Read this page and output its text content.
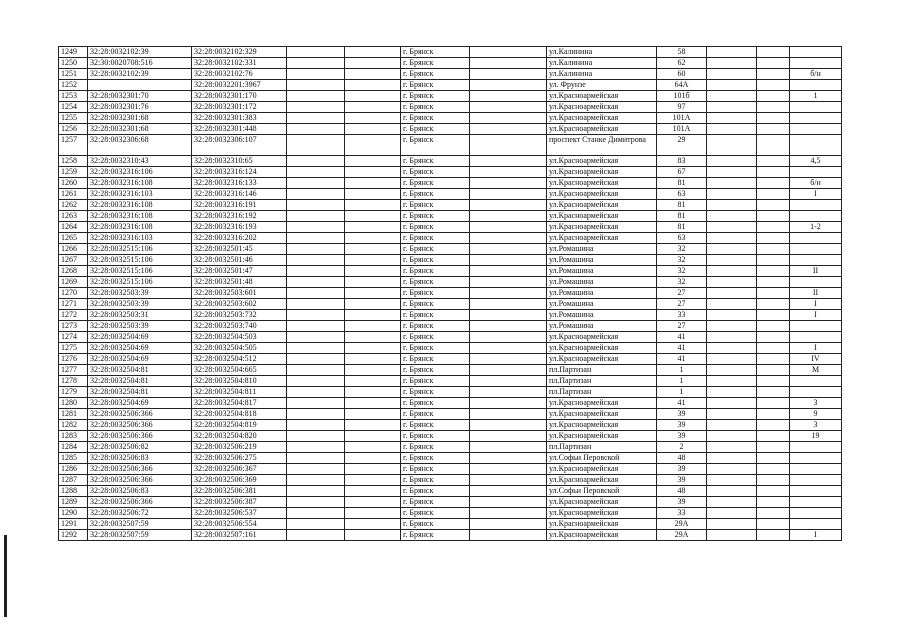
1249	32:28:0032102:39	32:28:0032102:329			г. Брянск		ул.Калинина	58			
1250	32:30:0020708:516	32:28:0032102:331			г. Брянск		ул.Калинина	62			
1251	32:28:0032102:39	32:28:0032102:76			г. Брянск		ул.Калинина	60			б/н
1252		32:28:0032201:3967			г. Брянск		ул. Фрунзе	64А			
1253	32:28:0032301:70	32:28:0032301:170			г. Брянск		ул.Красноармейская	101б			1
1254	32:28:0032301:76	32:28:0032301:172			г. Брянск		ул.Красноармейская	97			
1255	32:28:0032301:68	32:28:0032301:383			г. Брянск		ул.Красноармейская	101А			
1256	32:28:0032301:68	32:28:0032301:448			г. Брянск		ул.Красноармейская	101А			
1257	32:28:0032306:68	32:28:0032306:107			г. Брянск		проспект Станке Димитрова	29			
1258	32:28:0032310:43	32:28:0032310:65			г. Брянск		ул.Красноармейская	83			4,5
1259	32:28:0032316:106	32:28:0032316:124			г. Брянск		ул.Красноармейская	67			
1260	32:28:0032316:108	32:28:0032316:133			г. Брянск		ул.Красноармейская	81			б/н
1261	32:28:0032316:103	32:28:0032316:146			г. Брянск		ул.Красноармейская	63			I
1262	32:28:0032316:108	32:28:0032316:191			г. Брянск		ул.Красноармейская	81			
1263	32:28:0032316:108	32:28:0032316:192			г. Брянск		ул.Красноармейская	81			
1264	32:28:0032316:108	32:28:0032316:193			г. Брянск		ул.Красноармейская	81			1-2
1265	32:28:0032316:103	32:28:0032316:202			г. Брянск		ул.Красноармейская	63			
1266	32:28:0032515:106	32:28:0032501:45			г. Брянск		ул.Ромашина	32			
1267	32:28:0032515:106	32:28:0032501:46			г. Брянск		ул.Ромашина	32			
1268	32:28:0032515:106	32:28:0032501:47			г. Брянск		ул.Ромашина	32			II
1269	32:28:0032515:106	32:28:0032501:48			г. Брянск		ул.Ромашина	32			
1270	32:28:0032503:39	32:28:0032503:601			г. Брянск		ул.Ромашина	27			II
1271	32:28:0032503:39	32:28:0032503:602			г. Брянск		ул.Ромашина	27			I
1272	32:28:0032503:31	32:28:0032503:732			г. Брянск		ул.Ромашина	33			I
1273	32:28:0032503:39	32:28:0032503:740			г. Брянск		ул.Ромашина	27			
1274	32:28:0032504:69	32:28:0032504:503			г. Брянск		ул.Красноармейская	41			
1275	32:28:0032504:69	32:28:0032504:505			г. Брянск		ул.Красноармейская	41			I
1276	32:28:0032504:69	32:28:0032504:512			г. Брянск		ул.Красноармейская	41			IV
1277	32:28:0032504:81	32:28:0032504:665			г. Брянск		пл.Партизан	1			М
1278	32:28:0032504:81	32:28:0032504:810			г. Брянск		пл.Партизан	1			
1279	32:28:0032504:81	32:28:0032504:811			г. Брянск		пл.Партизан	1			
1280	32:28:0032504:69	32:28:0032504:817			г. Брянск		ул.Красноармейская	41			3
1281	32:28:0032506:366	32:28:0032504:818			г. Брянск		ул.Красноармейская	39			9
1282	32:28:0032506:366	32:28:0032504:819			г. Брянск		ул.Красноармейская	39			3
1283	32:28:0032506:366	32:28:0032504:820			г. Брянск		ул.Красноармейская	39			19
1284	32:28:0032506:82	32:28:0032506:219			г. Брянск		пл.Партизан	2			
1285	32:28:0032506:83	32:28:0032506:275			г. Брянск		ул.Софьи Перовской	48			
1286	32:28:0032506:366	32:28:0032506:367			г. Брянск		ул.Красноармейская	39			
1287	32:28:0032506:366	32:28:0032506:369			г. Брянск		ул.Красноармейская	39			
1288	32:28:0032506:83	32:28:0032506:381			г. Брянск		ул.Софьи Перовской	48			
1289	32:28:0032506:366	32:28:0032506:387			г. Брянск		ул.Красноармейская	39			
1290	32:28:0032506:72	32:28:0032506:537			г. Брянск		ул.Красноармейская	33			
1291	32:28:0032507:59	32:28:0032506:554			г. Брянск		ул.Красноармейская	29А			
1292	32:28:0032507:59	32:28:0032507:161			г. Брянск		ул.Красноармейская	29А			I
